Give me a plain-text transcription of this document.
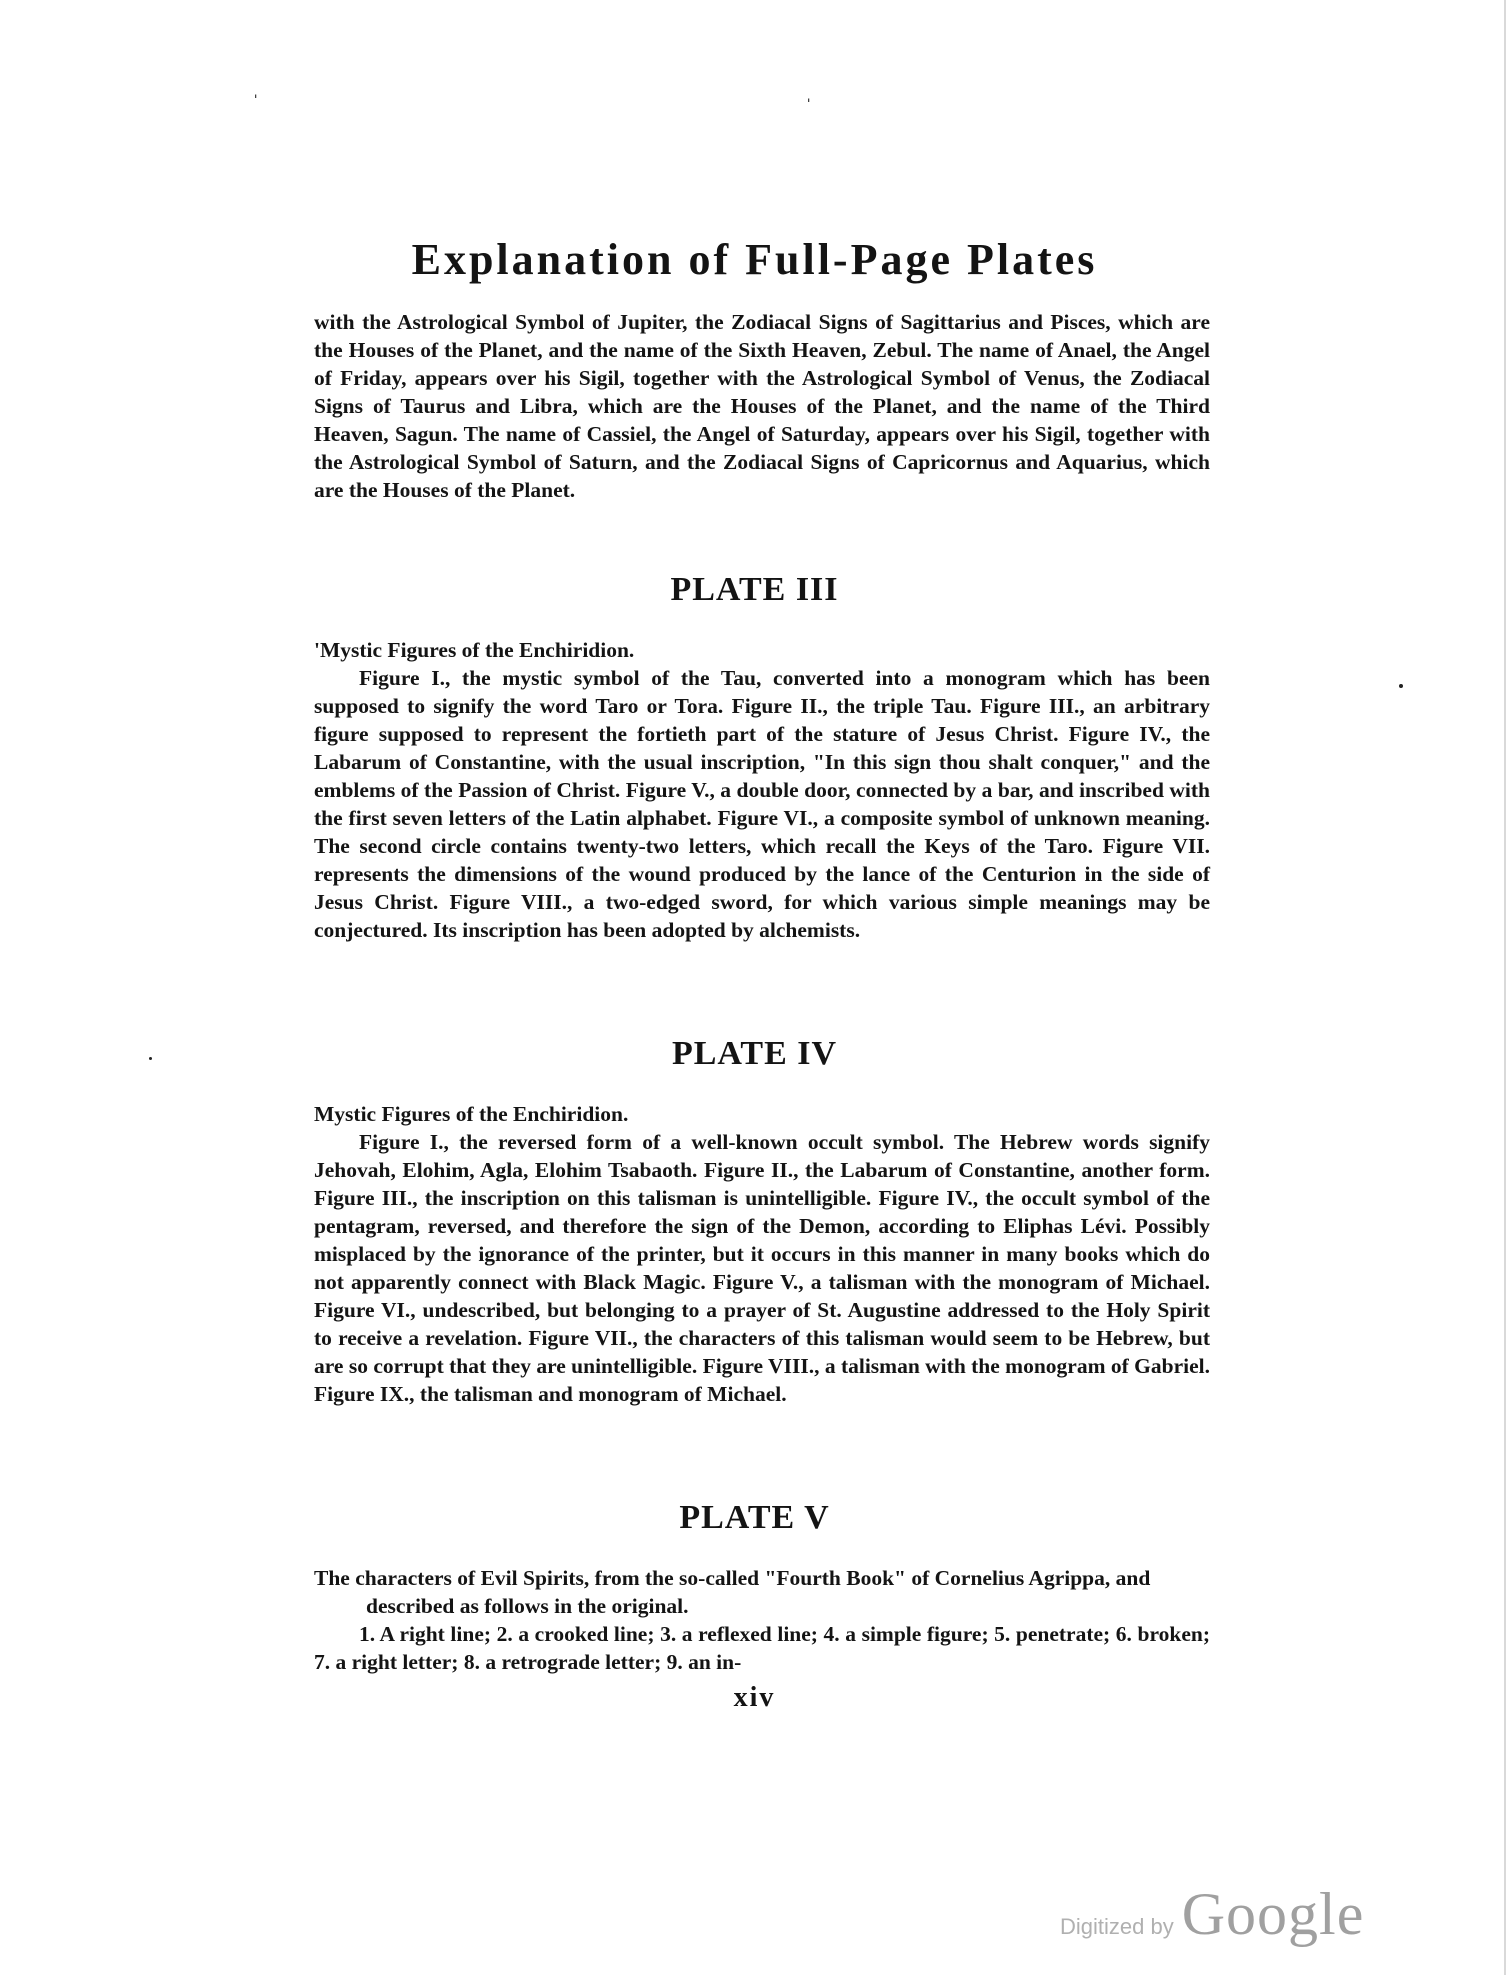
ˈ	ˈ
Explanation of Full-Page Plates

with the Astrological Symbol of Jupiter, the Zodiacal Signs of Sagittarius and Pisces, which are the Houses of the Planet, and the name of the Sixth Heaven, Zebul. The name of Anael, the Angel of Friday, appears over his Sigil, together with the Astrological Symbol of Venus, the Zodiacal Signs of Taurus and Libra, which are the Houses of the Planet, and the name of the Third Heaven, Sagun. The name of Cassiel, the Angel of Saturday, appears over his Sigil, together with the Astrological Symbol of Saturn, and the Zodiacal Signs of Capricornus and Aquarius, which are the Houses of the Planet.

PLATE III

'Mystic Figures of the Enchiridion.

Figure I., the mystic symbol of the Tau, converted into a monogram which has been supposed to signify the word Taro or Tora. Figure II., the triple Tau. Figure III., an arbitrary figure supposed to represent the fortieth part of the stature of Jesus Christ. Figure IV., the Labarum of Constantine, with the usual inscription, "In this sign thou shalt conquer," and the emblems of the Passion of Christ. Figure V., a double door, connected by a bar, and inscribed with the first seven letters of the Latin alphabet. Figure VI., a composite symbol of unknown meaning. The second circle contains twenty-two letters, which recall the Keys of the Taro. Figure VII. represents the dimensions of the wound produced by the lance of the Centurion in the side of Jesus Christ. Figure VIII., a two-edged sword, for which various simple meanings may be conjectured. Its inscription has been adopted by alchemists.

PLATE IV

Mystic Figures of the Enchiridion.

Figure I., the reversed form of a well-known occult symbol. The Hebrew words signify Jehovah, Elohim, Agla, Elohim Tsabaoth. Figure II., the Labarum of Constantine, another form. Figure III., the inscription on this talisman is unintelligible. Figure IV., the occult symbol of the pentagram, reversed, and therefore the sign of the Demon, according to Eliphas Lévi. Possibly misplaced by the ignorance of the printer, but it occurs in this manner in many books which do not apparently connect with Black Magic. Figure V., a talisman with the monogram of Michael. Figure VI., undescribed, but belonging to a prayer of St. Augustine addressed to the Holy Spirit to receive a revelation. Figure VII., the characters of this talisman would seem to be Hebrew, but are so corrupt that they are unintelligible. Figure VIII., a talisman with the monogram of Gabriel. Figure IX., the talisman and monogram of Michael.

PLATE V

The characters of Evil Spirits, from the so-called "Fourth Book" of Cornelius Agrippa, and described as follows in the original.

1. A right line; 2. a crooked line; 3. a reflexed line; 4. a simple figure; 5. penetrate; 6. broken; 7. a right letter; 8. a retrograde letter; 9. an in-

xiv
Digitized by Google
